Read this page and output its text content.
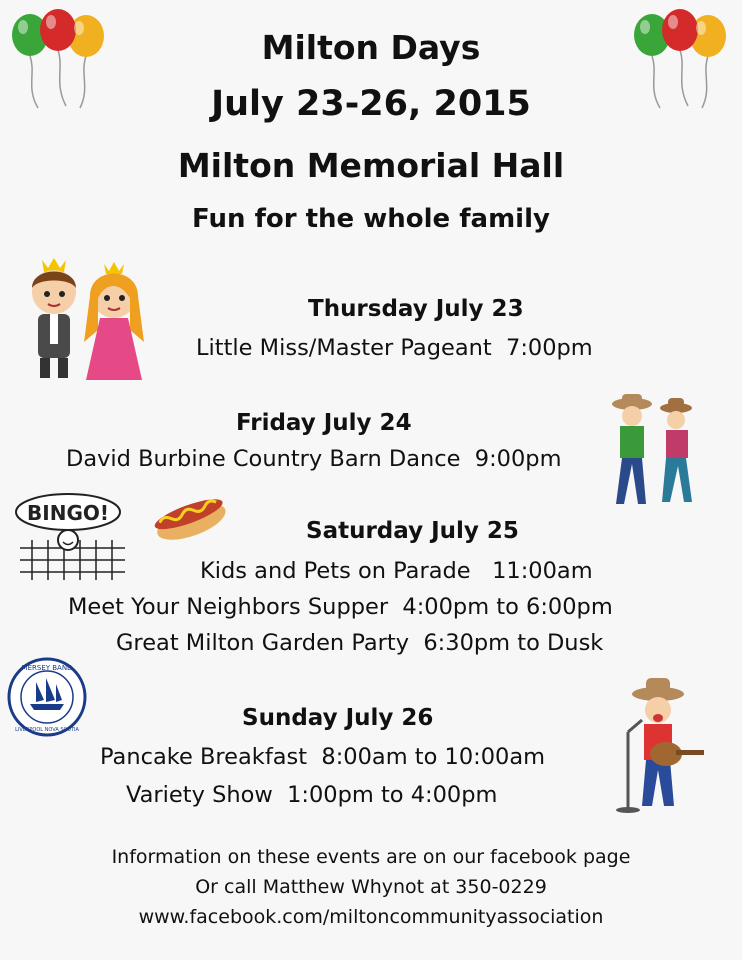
Milton Days
July 23-26, 2015
Milton Memorial Hall
Fun for the whole family
BINGO!
MERSEY BAND
LIVERPOOL NOVA SCOTIA
Thursday July 23
Little Miss/Master Pageant  7:00pm
Friday July 24
David Burbine Country Barn Dance  9:00pm
Saturday July 25
Kids and Pets on Parade   11:00am
Meet Your Neighbors Supper  4:00pm to 6:00pm
Great Milton Garden Party  6:30pm to Dusk
Sunday July 26
Pancake Breakfast  8:00am to 10:00am
Variety Show  1:00pm to 4:00pm
Information on these events are on our facebook page
Or call Matthew Whynot at 350-0229
www.facebook.com/miltoncommunityassociation
